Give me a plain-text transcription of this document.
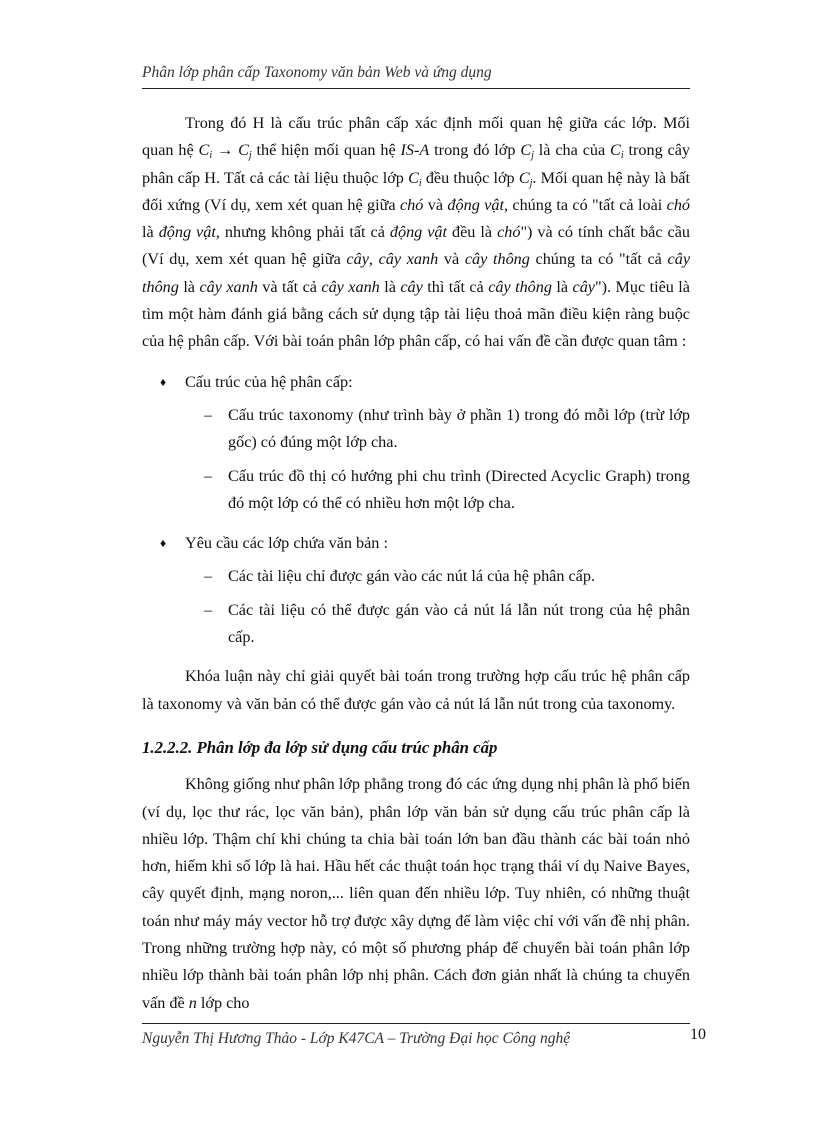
Phân lớp phân cấp Taxonomy văn bản Web và ứng dụng

Trong đó H là cấu trúc phân cấp xác định mối quan hệ giữa các lớp. Mối quan hệ $C_i \to C_j$ thể hiện mối quan hệ IS-A trong đó lớp $C_j$ là cha của $C_i$ trong cây phân cấp H. Tất cả các tài liệu thuộc lớp $C_i$ đều thuộc lớp $C_j$. Mối quan hệ này là bất đối xứng (Ví dụ, xem xét quan hệ giữa chó và động vật, chúng ta có "tất cả loài chó là động vật, nhưng không phải tất cả động vật đều là chó") và có tính chất bắc cầu (Ví dụ, xem xét quan hệ giữa cây, cây xanh và cây thông chúng ta có "tất cả cây thông là cây xanh và tất cả cây xanh là cây thì tất cả cây thông là cây"). Mục tiêu là tìm một hàm đánh giá bằng cách sử dụng tập tài liệu thoả mãn điều kiện ràng buộc của hệ phân cấp. Với bài toán phân lớp phân cấp, có hai vấn đề cần được quan tâm :

♦ Cấu trúc của hệ phân cấp:
– Cấu trúc taxonomy (như trình bày ở phần 1) trong đó mỗi lớp (trừ lớp gốc) có đúng một lớp cha.
– Cấu trúc đồ thị có hướng phi chu trình (Directed Acyclic Graph) trong đó một lớp có thể có nhiều hơn một lớp cha.
♦ Yêu cầu các lớp chứa văn bản :
– Các tài liệu chỉ được gán vào các nút lá của hệ phân cấp.
– Các tài liệu có thể được gán vào cả nút lá lẫn nút trong của hệ phân cấp.

Khóa luận này chỉ giải quyết bài toán trong trường hợp cấu trúc hệ phân cấp là taxonomy và văn bản có thể được gán vào cả nút lá lẫn nút trong của taxonomy.

1.2.2.2. Phân lớp đa lớp sử dụng cấu trúc phân cấp

Không giống như phân lớp phẳng trong đó các ứng dụng nhị phân là phổ biến (ví dụ, lọc thư rác, lọc văn bản), phân lớp văn bản sử dụng cấu trúc phân cấp là nhiều lớp. Thậm chí khi chúng ta chia bài toán lớn ban đầu thành các bài toán nhỏ hơn, hiếm khi số lớp là hai. Hầu hết các thuật toán học trạng thái ví dụ Naive Bayes, cây quyết định, mạng noron,... liên quan đến nhiều lớp. Tuy nhiên, có những thuật toán như máy máy vector hỗ trợ được xây dựng để làm việc chỉ với vấn đề nhị phân. Trong những trường hợp này, có một số phương pháp để chuyển bài toán phân lớp nhiều lớp thành bài toán phân lớp nhị phân. Cách đơn giản nhất là chúng ta chuyển vấn đề n lớp cho

Nguyễn Thị Hương Thảo - Lớp K47CA – Trường Đại học Công nghệ	10
